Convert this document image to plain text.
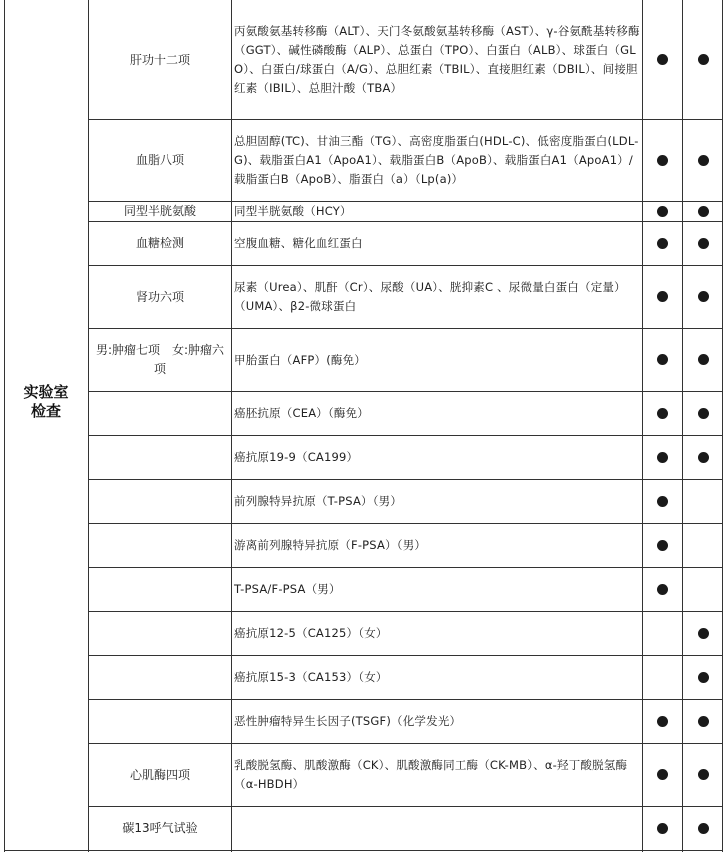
实验室
检查
肝功十二项
丙氨酸氨基转移酶（ALT）、天门冬氨酸氨基转移酶（AST）、γ-谷氨酰基转移酶（GGT）、碱性磷酸酶（ALP）、总蛋白（TPO）、白蛋白（ALB）、球蛋白（GLO）、白蛋白/球蛋白（A/G）、总胆红素（TBIL）、直接胆红素（DBIL）、间接胆红素（IBIL）、总胆汁酸（TBA）
血脂八项
总胆固醇(TC)、甘油三酯（TG）、高密度脂蛋白(HDL-C)、低密度脂蛋白(LDL-G)、载脂蛋白A1（ApoA1）、载脂蛋白B（ApoB）、载脂蛋白A1（ApoA1）/载脂蛋白B（ApoB）、脂蛋白（a）（Lp(a)）
同型半胱氨酸	同型半胱氨酸（HCY）
血糖检测	空腹血糖、糖化血红蛋白
肾功六项
尿素（Urea）、肌酐（Cr）、尿酸（UA）、胱抑素C 、尿微量白蛋白（定量）（UMA）、β2-微球蛋白
男:肿瘤七项　女:肿瘤六项
甲胎蛋白（AFP）(酶免）
癌胚抗原（CEA）（酶免）
癌抗原19-9（CA199）
前列腺特异抗原（T-PSA）（男）
游离前列腺特异抗原（F-PSA）（男）
T-PSA/F-PSA（男）
癌抗原12-5（CA125）（女）
癌抗原15-3（CA153）（女）
恶性肿瘤特异生长因子(TSGF)（化学发光）
心肌酶四项
乳酸脱氢酶、肌酸激酶（CK）、肌酸激酶同工酶（CK-MB）、α-羟丁酸脱氢酶（α-HBDH）
碳13呼气试验
